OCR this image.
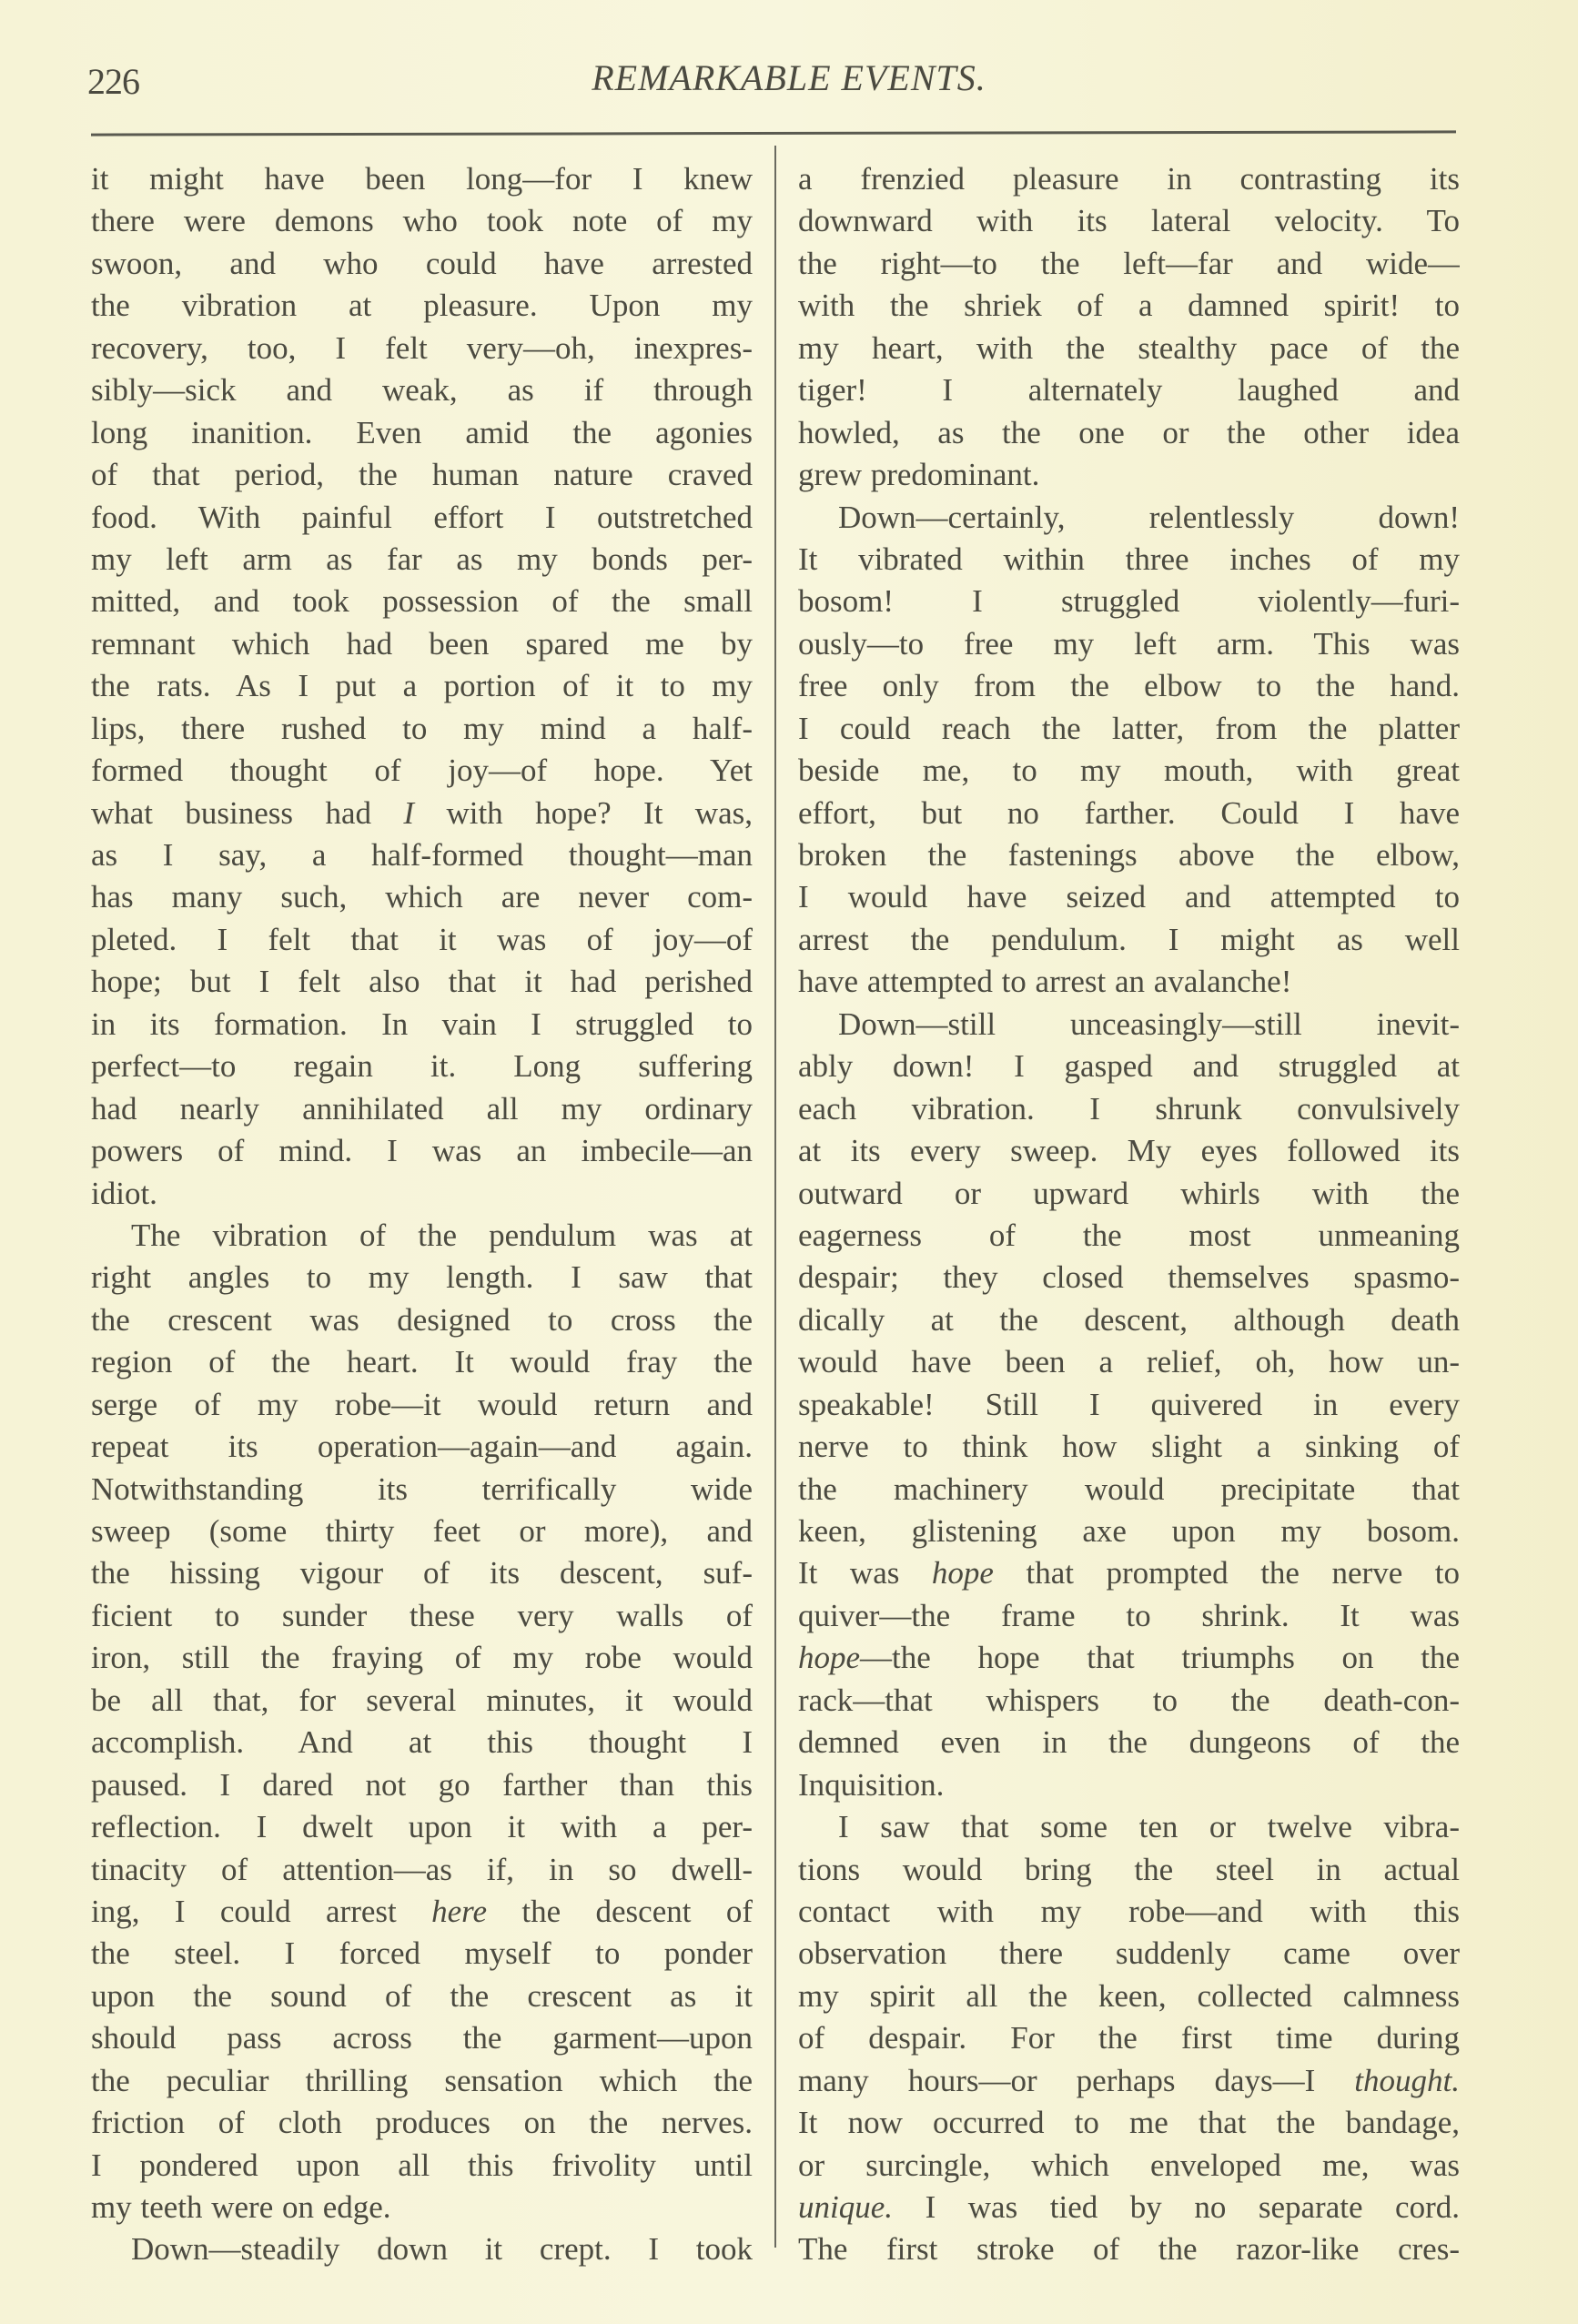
226	REMARKABLE EVENTS.
it might have been long—for I knew
there were demons who took note of my
swoon, and who could have arrested
the vibration at pleasure. Upon my
recovery, too, I felt very—oh, inexpres-
sibly—sick and weak, as if through
long inanition. Even amid the agonies
of that period, the human nature craved
food. With painful effort I outstretched
my left arm as far as my bonds per-
mitted, and took possession of the small
remnant which had been spared me by
the rats. As I put a portion of it to my
lips, there rushed to my mind a half-
formed thought of joy—of hope. Yet
what business had I with hope? It was,
as I say, a half-formed thought—man
has many such, which are never com-
pleted. I felt that it was of joy—of
hope; but I felt also that it had perished
in its formation. In vain I struggled to
perfect—to regain it. Long suffering
had nearly annihilated all my ordinary
powers of mind. I was an imbecile—an
idiot.
The vibration of the pendulum was at
right angles to my length. I saw that
the crescent was designed to cross the
region of the heart. It would fray the
serge of my robe—it would return and
repeat its operation—again—and again.
Notwithstanding its terrifically wide
sweep (some thirty feet or more), and
the hissing vigour of its descent, suf-
ficient to sunder these very walls of
iron, still the fraying of my robe would
be all that, for several minutes, it would
accomplish. And at this thought I
paused. I dared not go farther than this
reflection. I dwelt upon it with a per-
tinacity of attention—as if, in so dwell-
ing, I could arrest here the descent of
the steel. I forced myself to ponder
upon the sound of the crescent as it
should pass across the garment—upon
the peculiar thrilling sensation which the
friction of cloth produces on the nerves.
I pondered upon all this frivolity until
my teeth were on edge.
Down—steadily down it crept. I took
a frenzied pleasure in contrasting its
downward with its lateral velocity. To
the right—to the left—far and wide—
with the shriek of a damned spirit! to
my heart, with the stealthy pace of the
tiger! I alternately laughed and
howled, as the one or the other idea
grew predominant.
Down—certainly, relentlessly down!
It vibrated within three inches of my
bosom! I struggled violently—furi-
ously—to free my left arm. This was
free only from the elbow to the hand.
I could reach the latter, from the platter
beside me, to my mouth, with great
effort, but no farther. Could I have
broken the fastenings above the elbow,
I would have seized and attempted to
arrest the pendulum. I might as well
have attempted to arrest an avalanche!
Down—still unceasingly—still inevit-
ably down! I gasped and struggled at
each vibration. I shrunk convulsively
at its every sweep. My eyes followed its
outward or upward whirls with the
eagerness of the most unmeaning
despair; they closed themselves spasmo-
dically at the descent, although death
would have been a relief, oh, how un-
speakable! Still I quivered in every
nerve to think how slight a sinking of
the machinery would precipitate that
keen, glistening axe upon my bosom.
It was hope that prompted the nerve to
quiver—the frame to shrink. It was
hope—the hope that triumphs on the
rack—that whispers to the death-con-
demned even in the dungeons of the
Inquisition.
I saw that some ten or twelve vibra-
tions would bring the steel in actual
contact with my robe—and with this
observation there suddenly came over
my spirit all the keen, collected calmness
of despair. For the first time during
many hours—or perhaps days—I thought.
It now occurred to me that the bandage,
or surcingle, which enveloped me, was
unique. I was tied by no separate cord.
The first stroke of the razor-like cres-
